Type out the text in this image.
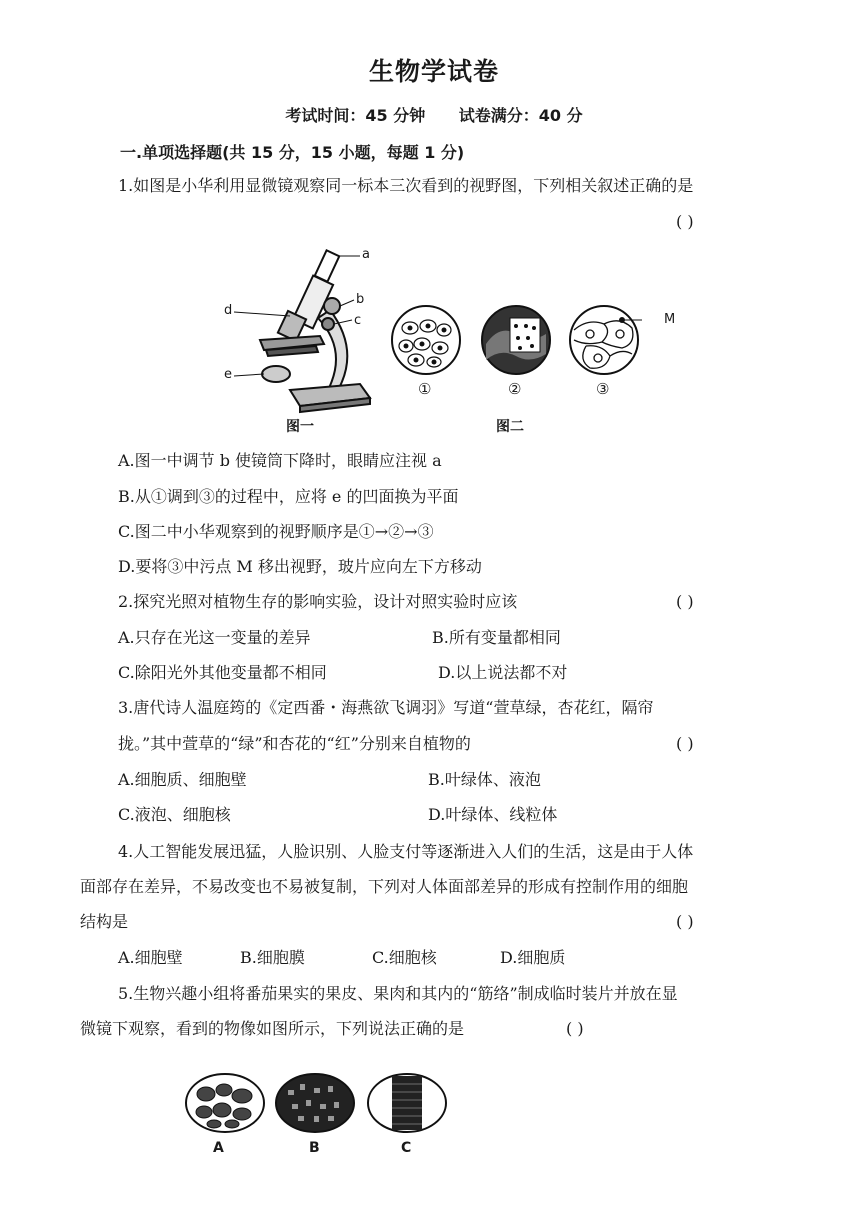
生物学试卷
考试时间：45 分钟 试卷满分：40 分
一.单项选择题(共 15 分，15 小题，每题 1 分)
1.如图是小华利用显微镜观察同一标本三次看到的视野图，下列相关叙述正确的是
( )
a
b
c
d
e
图一
M
①	②	③
图二
A.图一中调节 b 使镜筒下降时，眼睛应注视 a
B.从①调到③的过程中，应将 e 的凹面换为平面
C.图二中小华观察到的视野顺序是①→②→③
D.要将③中污点 M 移出视野，玻片应向左下方移动
2.探究光照对植物生存的影响实验，设计对照实验时应该	( )
A.只存在光这一变量的差异	B.所有变量都相同
C.除阳光外其他变量都不相同	D.以上说法都不对
3.唐代诗人温庭筠的《定西番・海燕欲飞调羽》写道“萱草绿，杏花红，隔帘
拢。”其中萱草的“绿”和杏花的“红”分别来自植物的	( )
A.细胞质、细胞壁	B.叶绿体、液泡
C.液泡、细胞核	D.叶绿体、线粒体
4.人工智能发展迅猛，人脸识别、人脸支付等逐渐进入人们的生活，这是由于人体
面部存在差异，不易改变也不易被复制，下列对人体面部差异的形成有控制作用的细胞
结构是	( )
A.细胞壁	B.细胞膜	C.细胞核	D.细胞质
5.生物兴趣小组将番茄果实的果皮、果肉和其内的“筋络”制成临时装片并放在显
微镜下观察，看到的物像如图所示，下列说法正确的是	( )
A	B	C
